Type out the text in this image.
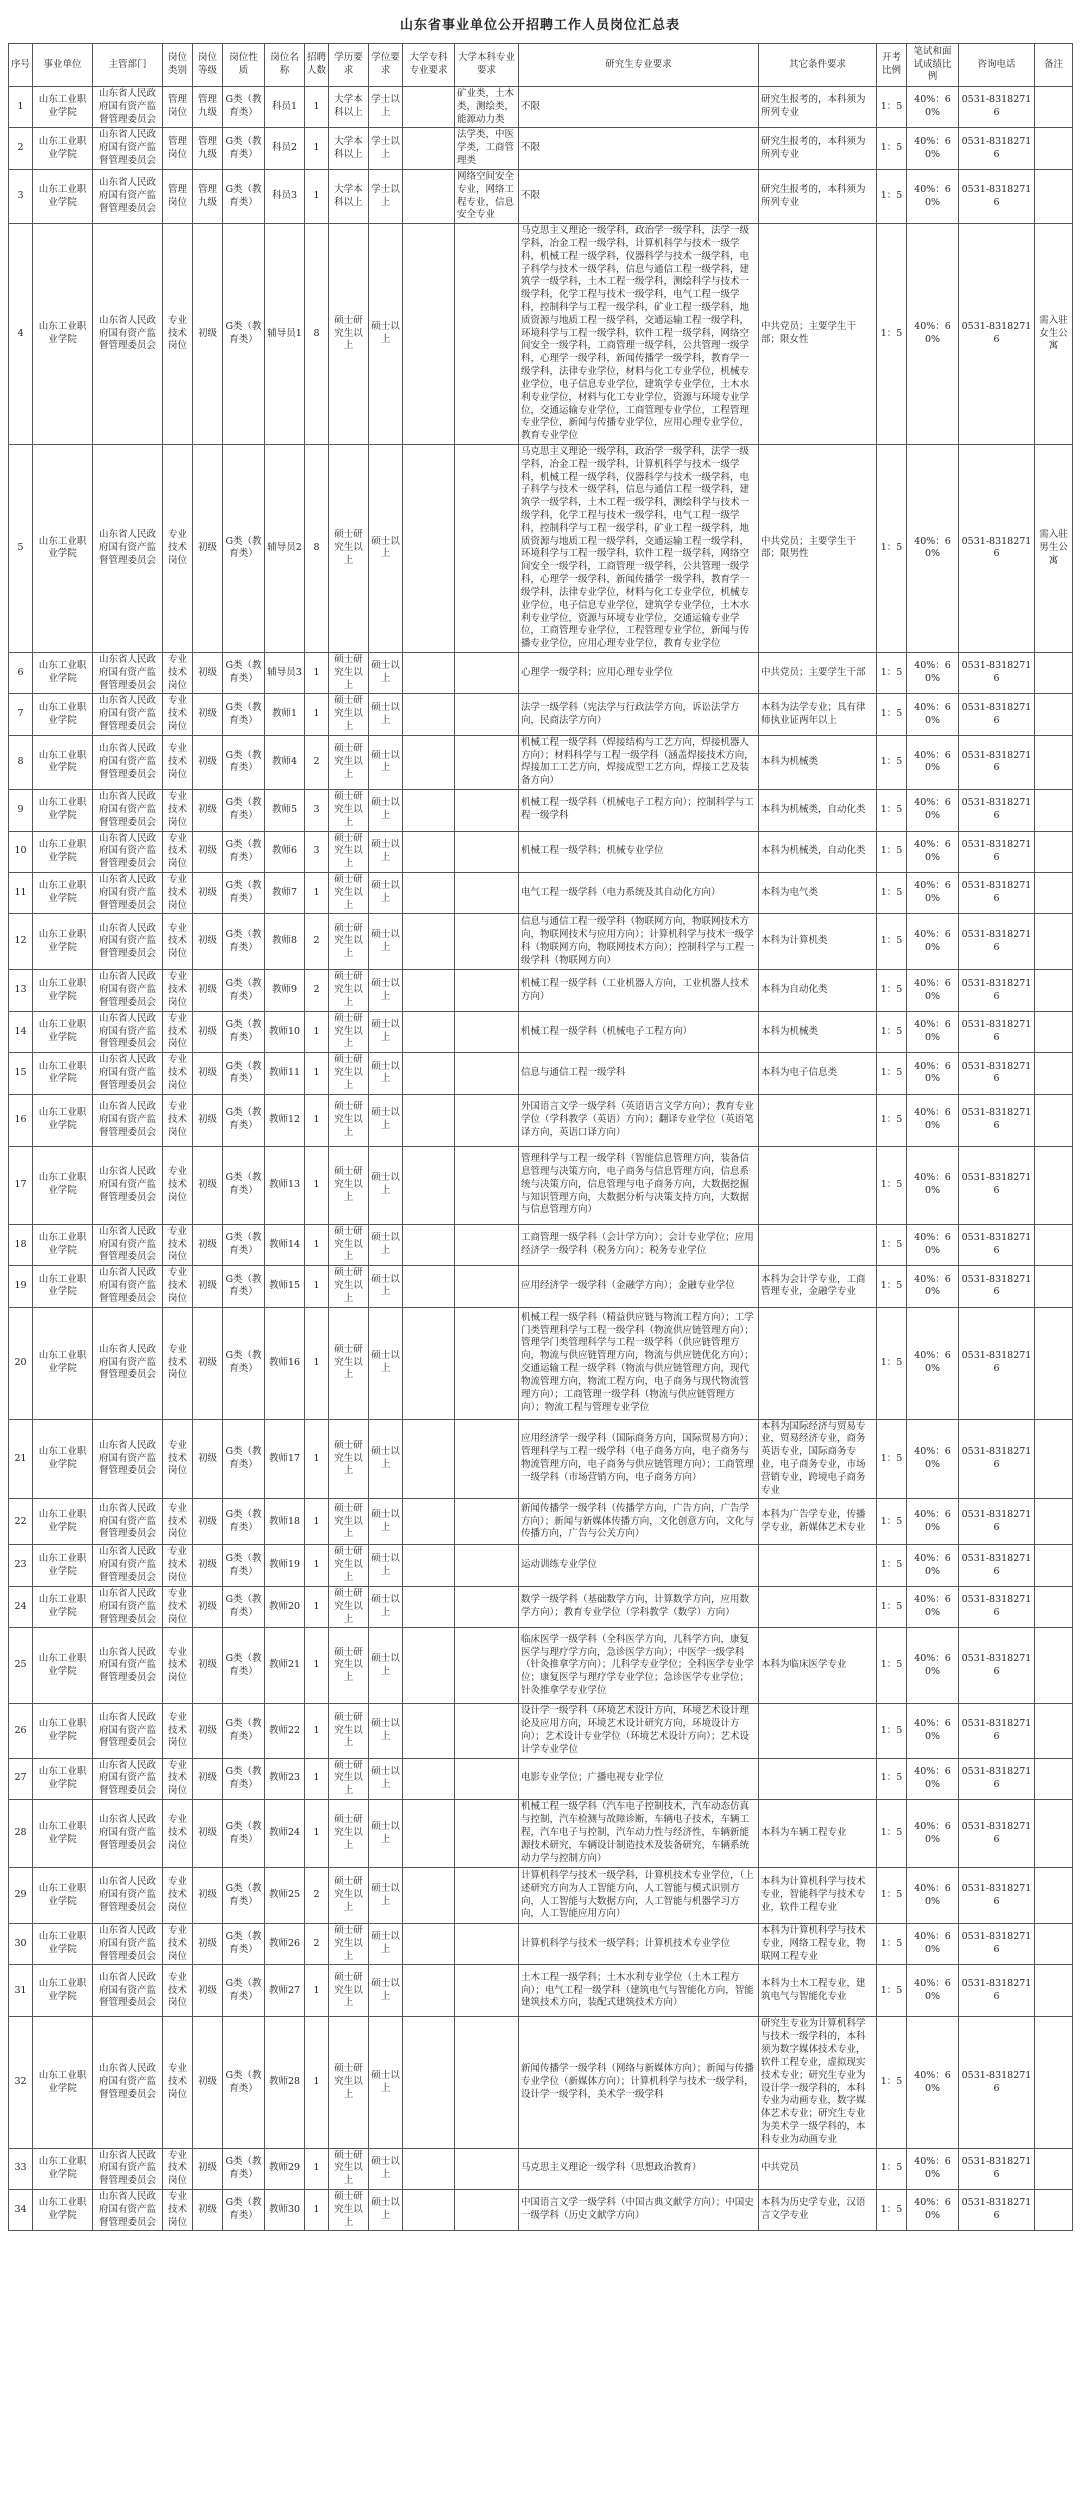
山东省事业单位公开招聘工作人员岗位汇总表
序号	事业单位	主管部门	岗位类别	岗位等级	岗位性质	岗位名称	招聘人数	学历要求	学位要求	大学专科专业要求	大学本科专业要求	研究生专业要求	其它条件要求	开考比例	笔试和面试成绩比例	咨询电话	备注
1	山东工业职业学院	山东省人民政府国有资产监督管理委员会	管理岗位	管理九级	G类（教育类）	科员1	1	大学本科以上	学士以上		矿业类，土木类，测绘类，能源动力类	不限	研究生报考的，本科须为所列专业	1：5	40%：60%	0531-83182716	
2	山东工业职业学院	山东省人民政府国有资产监督管理委员会	管理岗位	管理九级	G类（教育类）	科员2	1	大学本科以上	学士以上		法学类，中医学类，工商管理类	不限	研究生报考的，本科须为所列专业	1：5	40%：60%	0531-83182716	
3	山东工业职业学院	山东省人民政府国有资产监督管理委员会	管理岗位	管理九级	G类（教育类）	科员3	1	大学本科以上	学士以上		网络空间安全专业，网络工程专业，信息安全专业	不限	研究生报考的，本科须为所列专业	1：5	40%：60%	0531-83182716	
4	山东工业职业学院	山东省人民政府国有资产监督管理委员会	专业技术岗位	初级	G类（教育类）	辅导员1	8	硕士研究生以上	硕士以上			马克思主义理论一级学科，政治学一级学科，法学一级学科，冶金工程一级学科，计算机科学与技术一级学科，机械工程一级学科，仪器科学与技术一级学科，电子科学与技术一级学科，信息与通信工程一级学科，建筑学一级学科，土木工程一级学科，测绘科学与技术一级学科，化学工程与技术一级学科，电气工程一级学科，控制科学与工程一级学科，矿业工程一级学科，地质资源与地质工程一级学科，交通运输工程一级学科，环境科学与工程一级学科，软件工程一级学科，网络空间安全一级学科，工商管理一级学科，公共管理一级学科，心理学一级学科，新闻传播学一级学科，教育学一级学科，法律专业学位，材料与化工专业学位，机械专业学位，电子信息专业学位，建筑学专业学位，土木水利专业学位，材料与化工专业学位，资源与环境专业学位，交通运输专业学位，工商管理专业学位，工程管理专业学位，新闻与传播专业学位，应用心理专业学位，教育专业学位	中共党员；主要学生干部；限女性	1：5	40%：60%	0531-83182716	需入驻女生公寓
5	山东工业职业学院	山东省人民政府国有资产监督管理委员会	专业技术岗位	初级	G类（教育类）	辅导员2	8	硕士研究生以上	硕士以上			马克思主义理论一级学科，政治学一级学科，法学一级学科，冶金工程一级学科，计算机科学与技术一级学科，机械工程一级学科，仪器科学与技术一级学科，电子科学与技术一级学科，信息与通信工程一级学科，建筑学一级学科，土木工程一级学科，测绘科学与技术一级学科，化学工程与技术一级学科，电气工程一级学科，控制科学与工程一级学科，矿业工程一级学科，地质资源与地质工程一级学科，交通运输工程一级学科，环境科学与工程一级学科，软件工程一级学科，网络空间安全一级学科，工商管理一级学科，公共管理一级学科，心理学一级学科，新闻传播学一级学科，教育学一级学科，法律专业学位，材料与化工专业学位，机械专业学位，电子信息专业学位，建筑学专业学位，土木水利专业学位，资源与环境专业学位，交通运输专业学位，工商管理专业学位，工程管理专业学位，新闻与传播专业学位，应用心理专业学位，教育专业学位	中共党员；主要学生干部；限男性	1：5	40%：60%	0531-83182716	需入驻男生公寓
6	山东工业职业学院	山东省人民政府国有资产监督管理委员会	专业技术岗位	初级	G类（教育类）	辅导员3	1	硕士研究生以上	硕士以上			心理学一级学科；应用心理专业学位	中共党员；主要学生干部	1：5	40%：60%	0531-83182716	
7	山东工业职业学院	山东省人民政府国有资产监督管理委员会	专业技术岗位	初级	G类（教育类）	教师1	1	硕士研究生以上	硕士以上			法学一级学科（宪法学与行政法学方向，诉讼法学方向，民商法学方向）	本科为法学专业；具有律师执业证两年以上	1：5	40%：60%	0531-83182716	
8	山东工业职业学院	山东省人民政府国有资产监督管理委员会	专业技术岗位	初级	G类（教育类）	教师4	2	硕士研究生以上	硕士以上			机械工程一级学科（焊接结构与工艺方向，焊接机器人方向）；材料科学与工程一级学科（涵盖焊接技术方向，焊接加工工艺方向，焊接成型工艺方向，焊接工艺及装备方向）	本科为机械类	1：5	40%：60%	0531-83182716	
9	山东工业职业学院	山东省人民政府国有资产监督管理委员会	专业技术岗位	初级	G类（教育类）	教师5	3	硕士研究生以上	硕士以上			机械工程一级学科（机械电子工程方向）；控制科学与工程一级学科	本科为机械类，自动化类	1：5	40%：60%	0531-83182716	
10	山东工业职业学院	山东省人民政府国有资产监督管理委员会	专业技术岗位	初级	G类（教育类）	教师6	3	硕士研究生以上	硕士以上			机械工程一级学科；机械专业学位	本科为机械类，自动化类	1：5	40%：60%	0531-83182716	
11	山东工业职业学院	山东省人民政府国有资产监督管理委员会	专业技术岗位	初级	G类（教育类）	教师7	1	硕士研究生以上	硕士以上			电气工程一级学科（电力系统及其自动化方向）	本科为电气类	1：5	40%：60%	0531-83182716	
12	山东工业职业学院	山东省人民政府国有资产监督管理委员会	专业技术岗位	初级	G类（教育类）	教师8	2	硕士研究生以上	硕士以上			信息与通信工程一级学科（物联网方向，物联网技术方向，物联网技术与应用方向）；计算机科学与技术一级学科（物联网方向，物联网技术方向）；控制科学与工程一级学科（物联网方向）	本科为计算机类	1：5	40%：60%	0531-83182716	
13	山东工业职业学院	山东省人民政府国有资产监督管理委员会	专业技术岗位	初级	G类（教育类）	教师9	2	硕士研究生以上	硕士以上			机械工程一级学科（工业机器人方向，工业机器人技术方向）	本科为自动化类	1：5	40%：60%	0531-83182716	
14	山东工业职业学院	山东省人民政府国有资产监督管理委员会	专业技术岗位	初级	G类（教育类）	教师10	1	硕士研究生以上	硕士以上			机械工程一级学科（机械电子工程方向）	本科为机械类	1：5	40%：60%	0531-83182716	
15	山东工业职业学院	山东省人民政府国有资产监督管理委员会	专业技术岗位	初级	G类（教育类）	教师11	1	硕士研究生以上	硕士以上			信息与通信工程一级学科	本科为电子信息类	1：5	40%：60%	0531-83182716	
16	山东工业职业学院	山东省人民政府国有资产监督管理委员会	专业技术岗位	初级	G类（教育类）	教师12	1	硕士研究生以上	硕士以上			外国语言文学一级学科（英语语言文学方向）；教育专业学位（学科教学（英语）方向）；翻译专业学位（英语笔译方向，英语口译方向）		1：5	40%：60%	0531-83182716	
17	山东工业职业学院	山东省人民政府国有资产监督管理委员会	专业技术岗位	初级	G类（教育类）	教师13	1	硕士研究生以上	硕士以上			管理科学与工程一级学科（智能信息管理方向，装备信息管理与决策方向，电子商务与信息管理方向，信息系统与决策方向，信息管理与电子商务方向，大数据挖掘与知识管理方向，大数据分析与决策支持方向，大数据与信息管理方向）		1：5	40%：60%	0531-83182716	
18	山东工业职业学院	山东省人民政府国有资产监督管理委员会	专业技术岗位	初级	G类（教育类）	教师14	1	硕士研究生以上	硕士以上			工商管理一级学科（会计学方向）；会计专业学位；应用经济学一级学科（税务方向）；税务专业学位		1：5	40%：60%	0531-83182716	
19	山东工业职业学院	山东省人民政府国有资产监督管理委员会	专业技术岗位	初级	G类（教育类）	教师15	1	硕士研究生以上	硕士以上			应用经济学一级学科（金融学方向）；金融专业学位	本科为会计学专业，工商管理专业，金融学专业	1：5	40%：60%	0531-83182716	
20	山东工业职业学院	山东省人民政府国有资产监督管理委员会	专业技术岗位	初级	G类（教育类）	教师16	1	硕士研究生以上	硕士以上			机械工程一级学科（精益供应链与物流工程方向）；工学门类管理科学与工程一级学科（物流供应链管理方向）；管理学门类管理科学与工程一级学科（供应链管理方向，物流与供应链管理方向，物流与供应链优化方向）；交通运输工程一级学科（物流与供应链管理方向，现代物流管理方向，物流工程方向，电子商务与现代物流管理方向）；工商管理一级学科（物流与供应链管理方向）；物流工程与管理专业学位		1：5	40%：60%	0531-83182716	
21	山东工业职业学院	山东省人民政府国有资产监督管理委员会	专业技术岗位	初级	G类（教育类）	教师17	1	硕士研究生以上	硕士以上			应用经济学一级学科（国际商务方向，国际贸易方向）；管理科学与工程一级学科（电子商务方向，电子商务与物流管理方向，电子商务与供应链管理方向）；工商管理一级学科（市场营销方向，电子商务方向）	本科为国际经济与贸易专业，贸易经济专业，商务英语专业，国际商务专业，电子商务专业，市场营销专业，跨境电子商务专业	1：5	40%：60%	0531-83182716	
22	山东工业职业学院	山东省人民政府国有资产监督管理委员会	专业技术岗位	初级	G类（教育类）	教师18	1	硕士研究生以上	硕士以上			新闻传播学一级学科（传播学方向，广告方向，广告学方向）；新闻与新媒体传播方向，文化创意方向，文化与传播方向，广告与公关方向）	本科为广告学专业，传播学专业，新媒体艺术专业	1：5	40%：60%	0531-83182716	
23	山东工业职业学院	山东省人民政府国有资产监督管理委员会	专业技术岗位	初级	G类（教育类）	教师19	1	硕士研究生以上	硕士以上			运动训练专业学位		1：5	40%：60%	0531-83182716	
24	山东工业职业学院	山东省人民政府国有资产监督管理委员会	专业技术岗位	初级	G类（教育类）	教师20	1	硕士研究生以上	硕士以上			数学一级学科（基础数学方向，计算数学方向，应用数学方向）；教育专业学位（学科教学（数学）方向）		1：5	40%：60%	0531-83182716	
25	山东工业职业学院	山东省人民政府国有资产监督管理委员会	专业技术岗位	初级	G类（教育类）	教师21	1	硕士研究生以上	硕士以上			临床医学一级学科（全科医学方向，儿科学方向，康复医学与理疗学方向，急诊医学方向）；中医学一级学科（针灸推拿学方向）；儿科学专业学位；全科医学专业学位；康复医学与理疗学专业学位；急诊医学专业学位；针灸推拿学专业学位	本科为临床医学专业	1：5	40%：60%	0531-83182716	
26	山东工业职业学院	山东省人民政府国有资产监督管理委员会	专业技术岗位	初级	G类（教育类）	教师22	1	硕士研究生以上	硕士以上			设计学一级学科（环境艺术设计方向，环境艺术设计理论及应用方向，环境艺术设计研究方向，环境设计方向）；艺术设计专业学位（环境艺术设计方向）；艺术设计学专业学位		1：5	40%：60%	0531-83182716	
27	山东工业职业学院	山东省人民政府国有资产监督管理委员会	专业技术岗位	初级	G类（教育类）	教师23	1	硕士研究生以上	硕士以上			电影专业学位；广播电视专业学位		1：5	40%：60%	0531-83182716	
28	山东工业职业学院	山东省人民政府国有资产监督管理委员会	专业技术岗位	初级	G类（教育类）	教师24	1	硕士研究生以上	硕士以上			机械工程一级学科（汽车电子控制技术，汽车动态仿真与控制，汽车检测与故障诊断，车辆电子技术，车辆工程，汽车电子与控制，汽车动力性与经济性，车辆新能源技术研究，车辆设计制造技术及装备研究，车辆系统动力学与控制方向）	本科为车辆工程专业	1：5	40%：60%	0531-83182716	
29	山东工业职业学院	山东省人民政府国有资产监督管理委员会	专业技术岗位	初级	G类（教育类）	教师25	2	硕士研究生以上	硕士以上			计算机科学与技术一级学科，计算机技术专业学位，（上述研究方向为人工智能方向，人工智能与模式识别方向，人工智能与大数据方向，人工智能与机器学习方向，人工智能应用方向）	本科为计算机科学与技术专业，智能科学与技术专业，软件工程专业	1：5	40%：60%	0531-83182716	
30	山东工业职业学院	山东省人民政府国有资产监督管理委员会	专业技术岗位	初级	G类（教育类）	教师26	2	硕士研究生以上	硕士以上			计算机科学与技术一级学科；计算机技术专业学位	本科为计算机科学与技术专业，网络工程专业，物联网工程专业	1：5	40%：60%	0531-83182716	
31	山东工业职业学院	山东省人民政府国有资产监督管理委员会	专业技术岗位	初级	G类（教育类）	教师27	1	硕士研究生以上	硕士以上			土木工程一级学科；土木水利专业学位（土木工程方向）；电气工程一级学科（建筑电气与智能化方向，智能建筑技术方向，装配式建筑技术方向）	本科为土木工程专业，建筑电气与智能化专业	1：5	40%：60%	0531-83182716	
32	山东工业职业学院	山东省人民政府国有资产监督管理委员会	专业技术岗位	初级	G类（教育类）	教师28	1	硕士研究生以上	硕士以上			新闻传播学一级学科（网络与新媒体方向）；新闻与传播专业学位（新媒体方向）；计算机科学与技术一级学科，设计学一级学科，美术学一级学科	研究生专业为计算机科学与技术一级学科的，本科须为数字媒体技术专业，软件工程专业，虚拟现实技术专业；研究生专业为设计学一级学科的，本科专业为动画专业，数字媒体艺术专业；研究生专业为美术学一级学科的，本科专业为动画专业	1：5	40%：60%	0531-83182716	
33	山东工业职业学院	山东省人民政府国有资产监督管理委员会	专业技术岗位	初级	G类（教育类）	教师29	1	硕士研究生以上	硕士以上			马克思主义理论一级学科（思想政治教育）	中共党员	1：5	40%：60%	0531-83182716	
34	山东工业职业学院	山东省人民政府国有资产监督管理委员会	专业技术岗位	初级	G类（教育类）	教师30	1	硕士研究生以上	硕士以上			中国语言文学一级学科（中国古典文献学方向）；中国史一级学科（历史文献学方向）	本科为历史学专业，汉语言文学专业	1：5	40%：60%	0531-83182716	
